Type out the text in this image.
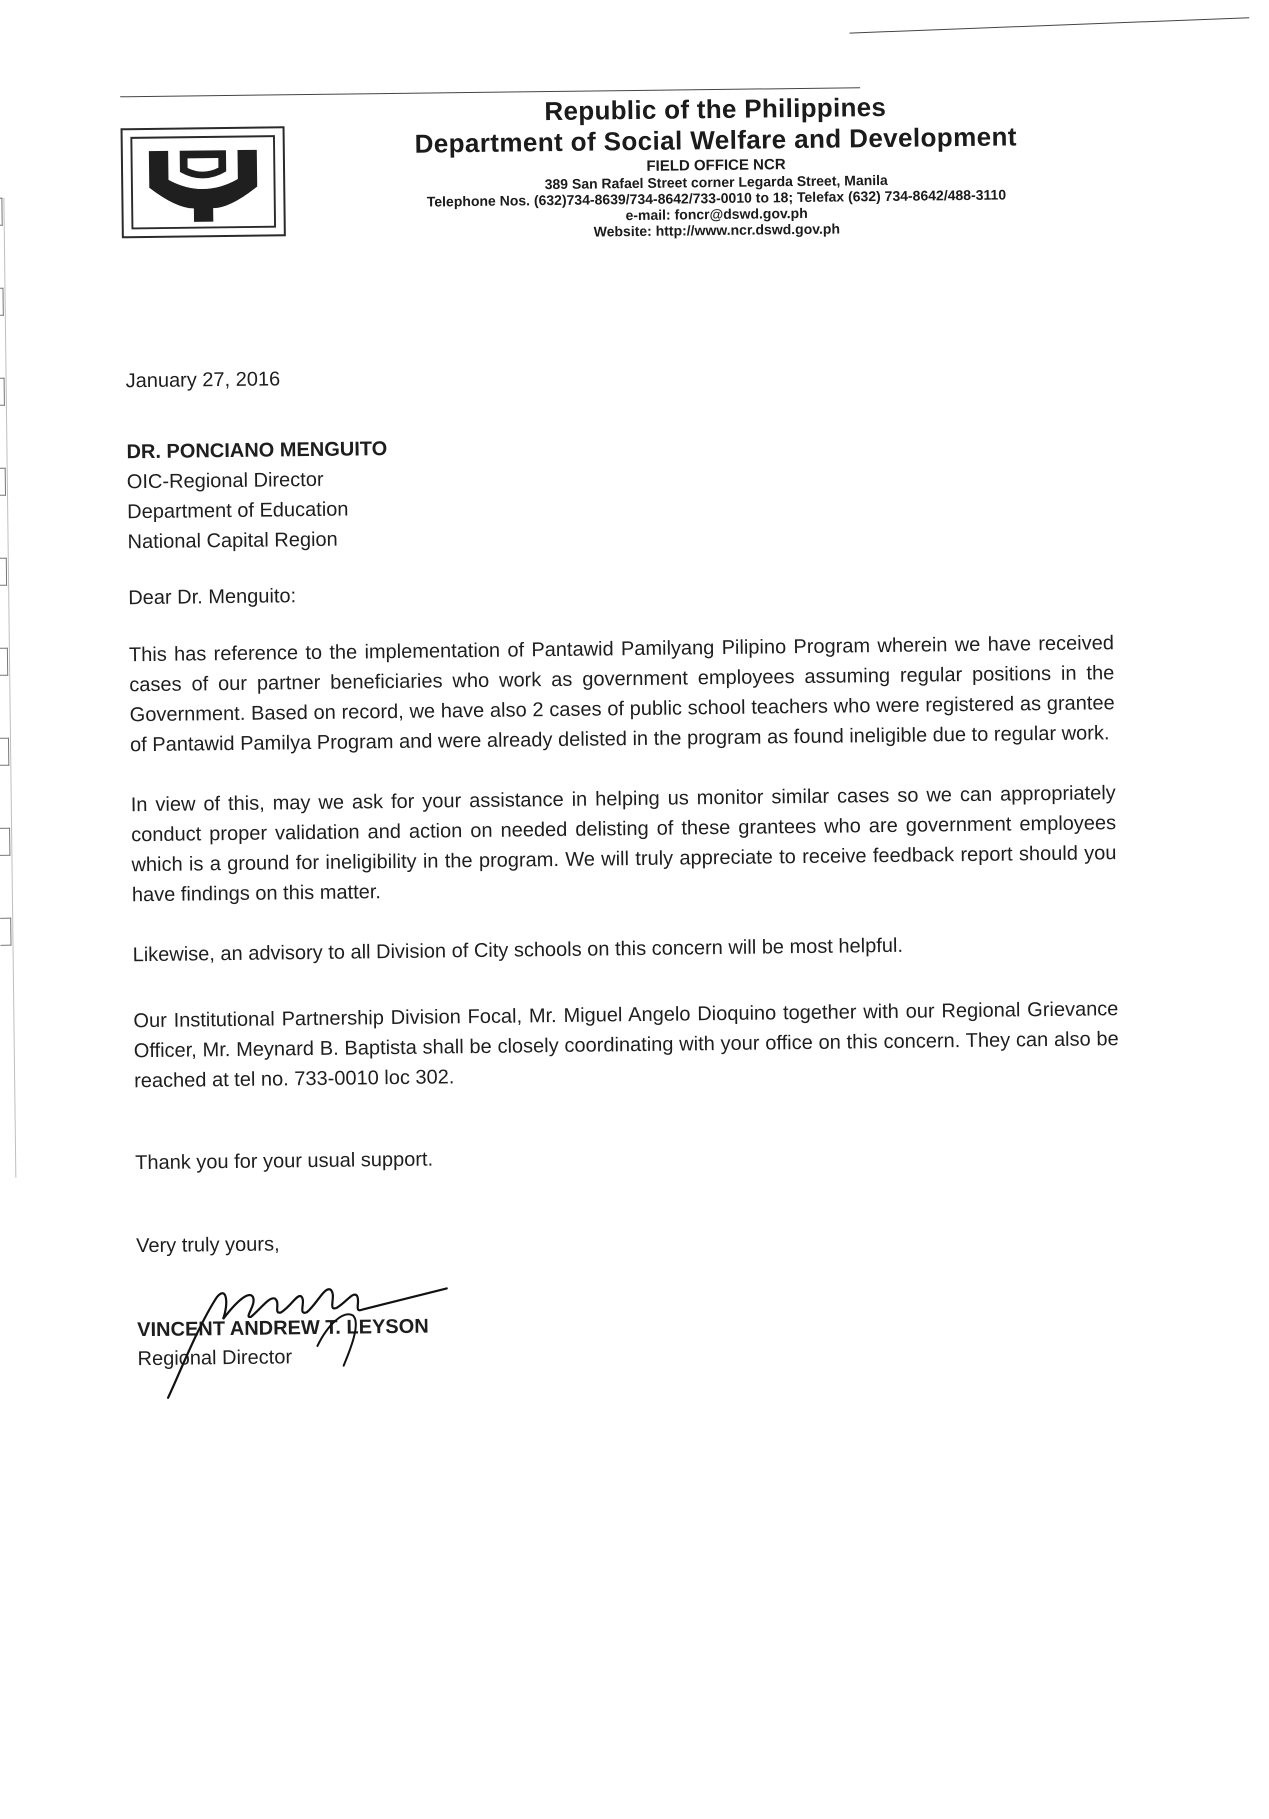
Republic of the Philippines
Department of Social Welfare and Development
FIELD OFFICE NCR
389 San Rafael Street corner Legarda Street, Manila
Telephone Nos. (632)734-8639/734-8642/733-0010 to 18; Telefax (632) 734-8642/488-3110
e-mail: foncr@dswd.gov.ph
Website: http://www.ncr.dswd.gov.ph

January 27, 2016

DR. PONCIANO MENGUITO

OIC-Regional Director

Department of Education

National Capital Region

Dear Dr. Menguito:

This has reference to the implementation of Pantawid Pamilyang Pilipino Program wherein we have received cases of our partner beneficiaries who work as government employees assuming regular positions in the Government. Based on record, we have also 2 cases of public school teachers who were registered as grantee of Pantawid Pamilya Program and were already delisted in the program as found ineligible due to regular work.

In view of this, may we ask for your assistance in helping us monitor similar cases so we can appropriately conduct proper validation and action on needed delisting of these grantees who are government employees which is a ground for ineligibility in the program. We will truly appreciate to receive feedback report should you have findings on this matter.

Likewise, an advisory to all Division of City schools on this concern will be most helpful.

Our Institutional Partnership Division Focal, Mr. Miguel Angelo Dioquino together with our Regional Grievance Officer, Mr. Meynard B. Baptista shall be closely coordinating with your office on this concern. They can also be reached at tel no. 733-0010 loc 302.

Thank you for your usual support.

Very truly yours,

VINCENT ANDREW T. LEYSON

Regional Director
